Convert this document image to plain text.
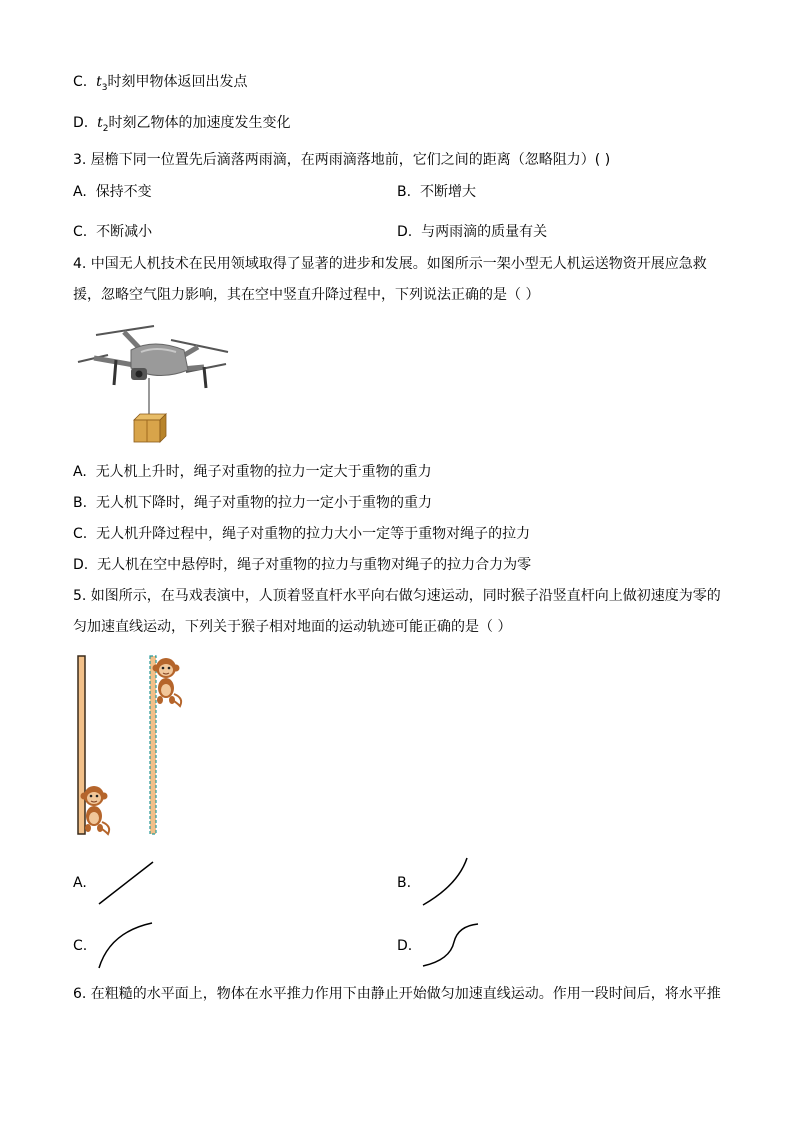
C. $t_3$时刻甲物体返回出发点
D. $t_2$时刻乙物体的加速度发生变化
3. 屋檐下同一位置先后滴落两雨滴，在两雨滴落地前，它们之间的距离（忽略阻力）( )
A. 保持不变	B. 不断增大
C. 不断减小	D. 与两雨滴的质量有关
4. 中国无人机技术在民用领域取得了显著的进步和发展。如图所示一架小型无人机运送物资开展应急救
援，忽略空气阻力影响，其在空中竖直升降过程中，下列说法正确的是（ ）
A. 无人机上升时，绳子对重物的拉力一定大于重物的重力
B. 无人机下降时，绳子对重物的拉力一定小于重物的重力
C. 无人机升降过程中，绳子对重物的拉力大小一定等于重物对绳子的拉力
D. 无人机在空中悬停时，绳子对重物的拉力与重物对绳子的拉力合力为零
5. 如图所示，在马戏表演中，人顶着竖直杆水平向右做匀速运动，同时猴子沿竖直杆向上做初速度为零的
匀加速直线运动，下列关于猴子相对地面的运动轨迹可能正确的是（ ）
A.	B.
C.	D.
6. 在粗糙的水平面上，物体在水平推力作用下由静止开始做匀加速直线运动。作用一段时间后，将水平推
